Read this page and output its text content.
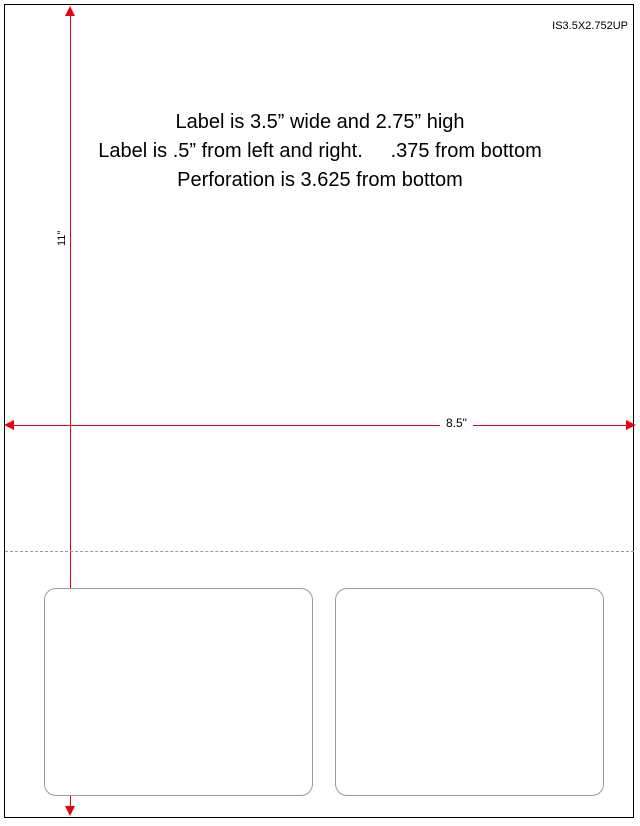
IS3.5X2.752UP
Label is 3.5” wide and 2.75” high
Label is .5” from left and right.     .375 from bottom
Perforation is 3.625 from bottom
11"
8.5"
